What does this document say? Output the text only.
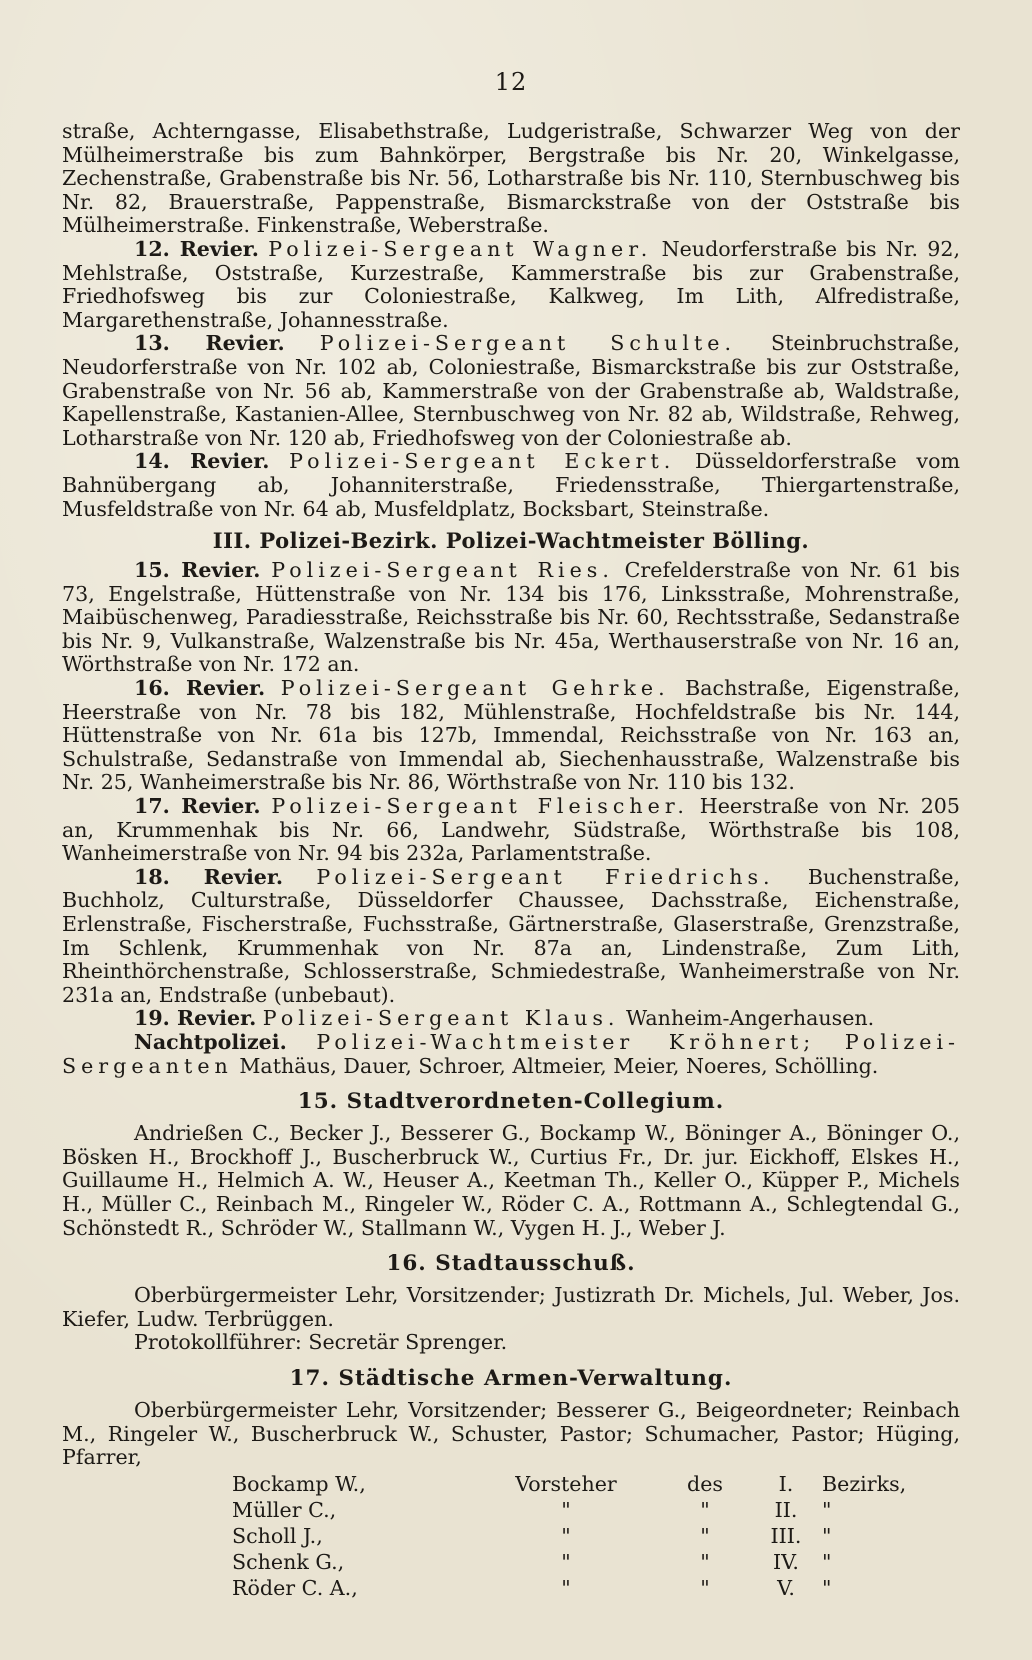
12

straße, Achterngasse, Elisabethstraße, Ludgeristraße, Schwarzer Weg von der Mülheimerstraße bis zum Bahnkörper, Bergstraße bis Nr. 20, Winkelgasse, Zechenstraße, Grabenstraße bis Nr. 56, Lotharstraße bis Nr. 110, Sternbuschweg bis Nr. 82, Brauerstraße, Pappenstraße, Bismarckstraße von der Oststraße bis Mülheimerstraße. Finkenstraße, Weberstraße.

12. Revier. Polizei-Sergeant Wagner. Neudorferstraße bis Nr. 92, Mehlstraße, Oststraße, Kurzestraße, Kammerstraße bis zur Grabenstraße, Friedhofsweg bis zur Coloniestraße, Kalkweg, Im Lith, Alfredistraße, Margarethenstraße, Johannesstraße.

13. Revier. Polizei-Sergeant Schulte. Steinbruchstraße, Neudorferstraße von Nr. 102 ab, Coloniestraße, Bismarckstraße bis zur Oststraße, Grabenstraße von Nr. 56 ab, Kammerstraße von der Grabenstraße ab, Waldstraße, Kapellenstraße, Kastanien-Allee, Sternbuschweg von Nr. 82 ab, Wildstraße, Rehweg, Lotharstraße von Nr. 120 ab, Friedhofsweg von der Coloniestraße ab.

14. Revier. Polizei-Sergeant Eckert. Düsseldorferstraße vom Bahnübergang ab, Johanniterstraße, Friedensstraße, Thiergartenstraße, Musfeldstraße von Nr. 64 ab, Musfeldplatz, Bocksbart, Steinstraße.

III. Polizei-Bezirk. Polizei-Wachtmeister Bölling.

15. Revier. Polizei-Sergeant Ries. Crefelderstraße von Nr. 61 bis 73, Engelstraße, Hüttenstraße von Nr. 134 bis 176, Linksstraße, Mohrenstraße, Maibüschenweg, Paradiesstraße, Reichsstraße bis Nr. 60, Rechtsstraße, Sedanstraße bis Nr. 9, Vulkanstraße, Walzenstraße bis Nr. 45a, Werthauserstraße von Nr. 16 an, Wörthstraße von Nr. 172 an.

16. Revier. Polizei-Sergeant Gehrke. Bachstraße, Eigenstraße, Heerstraße von Nr. 78 bis 182, Mühlenstraße, Hochfeldstraße bis Nr. 144, Hüttenstraße von Nr. 61a bis 127b, Immendal, Reichsstraße von Nr. 163 an, Schulstraße, Sedanstraße von Immendal ab, Siechenhausstraße, Walzenstraße bis Nr. 25, Wanheimerstraße bis Nr. 86, Wörthstraße von Nr. 110 bis 132.

17. Revier. Polizei-Sergeant Fleischer. Heerstraße von Nr. 205 an, Krummenhak bis Nr. 66, Landwehr, Südstraße, Wörthstraße bis 108, Wanheimerstraße von Nr. 94 bis 232a, Parlamentstraße.

18. Revier. Polizei-Sergeant Friedrichs. Buchenstraße, Buchholz, Culturstraße, Düsseldorfer Chaussee, Dachsstraße, Eichenstraße, Erlenstraße, Fischerstraße, Fuchsstraße, Gärtnerstraße, Glaserstraße, Grenzstraße, Im Schlenk, Krummenhak von Nr. 87a an, Lindenstraße, Zum Lith, Rheinthörchenstraße, Schlosserstraße, Schmiedestraße, Wanheimerstraße von Nr. 231a an, Endstraße (unbebaut).

19. Revier. Polizei-Sergeant Klaus. Wanheim-Angerhausen.

Nachtpolizei. Polizei-Wachtmeister Kröhnert; Polizei-Sergeanten Mathäus, Dauer, Schroer, Altmeier, Meier, Noeres, Schölling.

15. Stadtverordneten-Collegium.

Andrießen C., Becker J., Besserer G., Bockamp W., Böninger A., Böninger O., Bösken H., Brockhoff J., Buscherbruck W., Curtius Fr., Dr. jur. Eickhoff, Elskes H., Guillaume H., Helmich A. W., Heuser A., Keetman Th., Keller O., Küpper P., Michels H., Müller C., Reinbach M., Ringeler W., Röder C. A., Rottmann A., Schlegtendal G., Schönstedt R., Schröder W., Stallmann W., Vygen H. J., Weber J.

16. Stadtausschuß.

Oberbürgermeister Lehr, Vorsitzender; Justizrath Dr. Michels, Jul. Weber, Jos. Kiefer, Ludw. Terbrüggen.

Protokollführer: Secretär Sprenger.

17. Städtische Armen-Verwaltung.

Oberbürgermeister Lehr, Vorsitzender; Besserer G., Beigeordneter; Reinbach M., Ringeler W., Buscherbruck W., Schuster, Pastor; Schumacher, Pastor; Hüging, Pfarrer,

Bockamp W.,	Vorsteher	des	I.	Bezirks,
Müller C.,	"	"	II.	"
Scholl J.,	"	"	III.	"
Schenk G.,	"	"	IV.	"
Röder C. A.,	"	"	V.	"
